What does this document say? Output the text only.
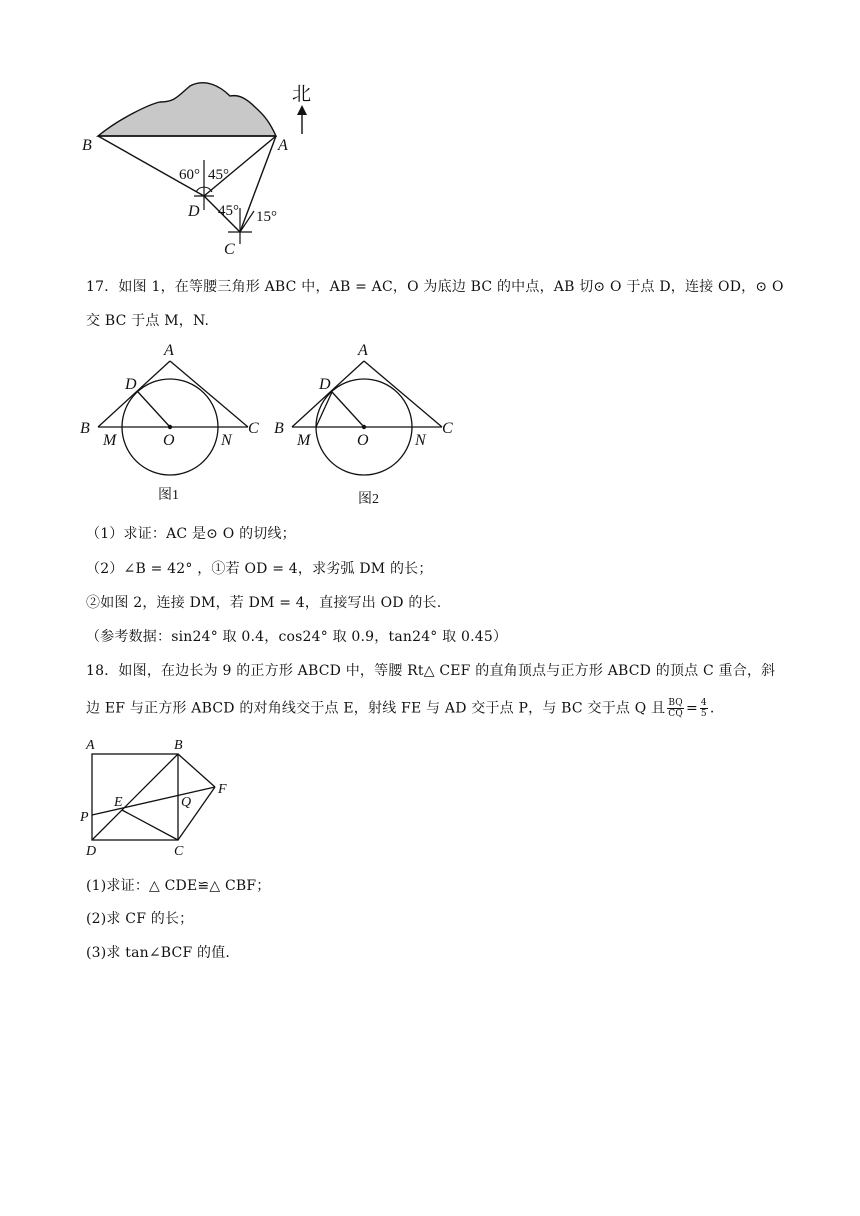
北
B	A
D
C
60° 45°
45° 15°
17．如图 1，在等腰三角形 ABC 中，AB = AC，O 为底边 BC 的中点，AB 切⊙ O 于点 D，连接 OD，⊙ O
交 BC 于点 M，N.
A
D
B	C
M	O	N
图1
A
D
B	C
M	O	N
图2
（1）求证：AC 是⊙ O 的切线；
（2）∠B = 42° ，①若 OD = 4，求劣弧 DM 的长；
②如图 2，连接 DM，若 DM = 4，直接写出 OD 的长.
（参考数据：sin24° 取 0.4，cos24° 取 0.9，tan24° 取 0.45）
18．如图，在边长为 9 的正方形 ABCD 中，等腰 Rt△ CEF 的直角顶点与正方形 ABCD 的顶点 C 重合，斜
边 EF 与正方形 ABCD 的对角线交于点 E，射线 FE 与 AD 交于点 P，与 BC 交于点 Q 且 $\frac{BQ}{CQ} = \frac{4}{5}$ .
A	B
F
E	Q
P
D	C
(1)求证：△ CDE≌△ CBF；
(2)求 CF 的长；
(3)求 tan∠BCF 的值.
